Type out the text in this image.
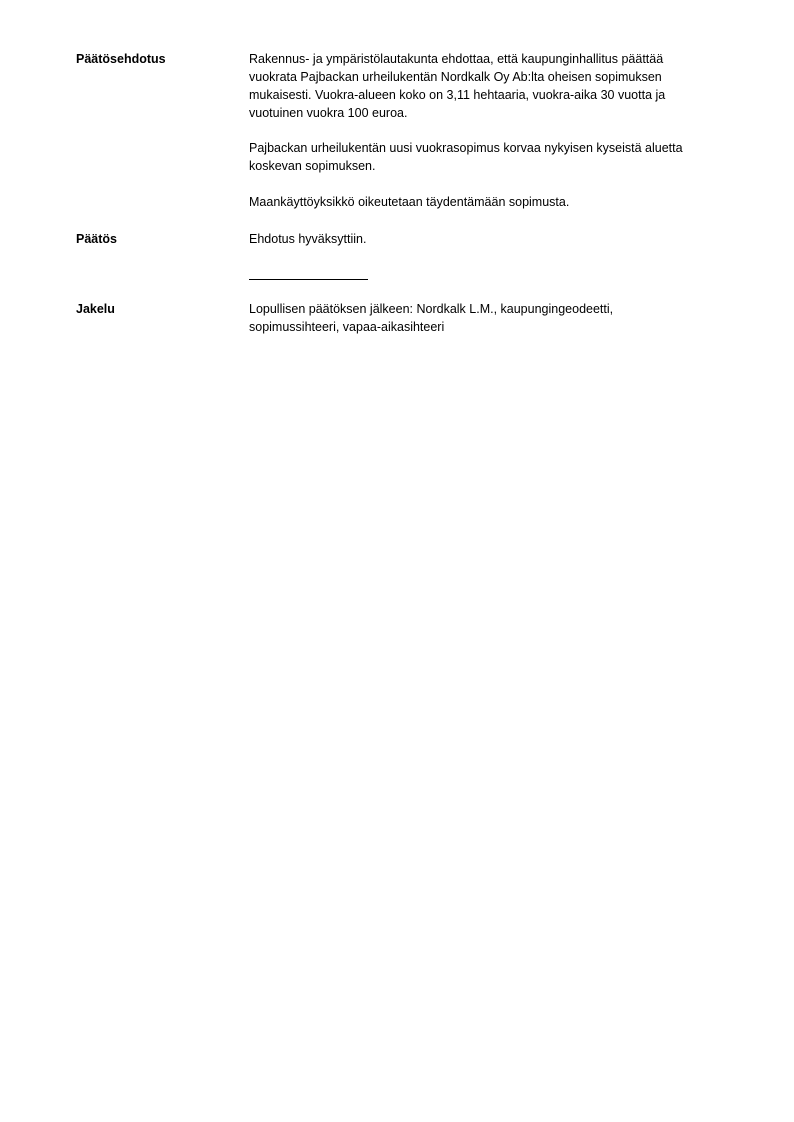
Päätösehdotus	Rakennus- ja ympäristölautakunta ehdottaa, että kaupunginhallitus päättää
vuokrata Pajbackan urheilukentän Nordkalk Oy Ab:lta oheisen sopimuksen
mukaisesti. Vuokra-alueen koko on 3,11 hehtaaria, vuokra-aika 30 vuotta ja
vuotuinen vuokra 100 euroa.
Pajbackan urheilukentän uusi vuokrasopimus korvaa nykyisen kyseistä aluetta
koskevan sopimuksen.
Maankäyttöyksikkö oikeutetaan täydentämään sopimusta.
Päätös	Ehdotus hyväksyttiin.
Jakelu	Lopullisen päätöksen jälkeen: Nordkalk L.M., kaupungingeodeetti,
sopimussihteeri, vapaa-aikasihteeri
